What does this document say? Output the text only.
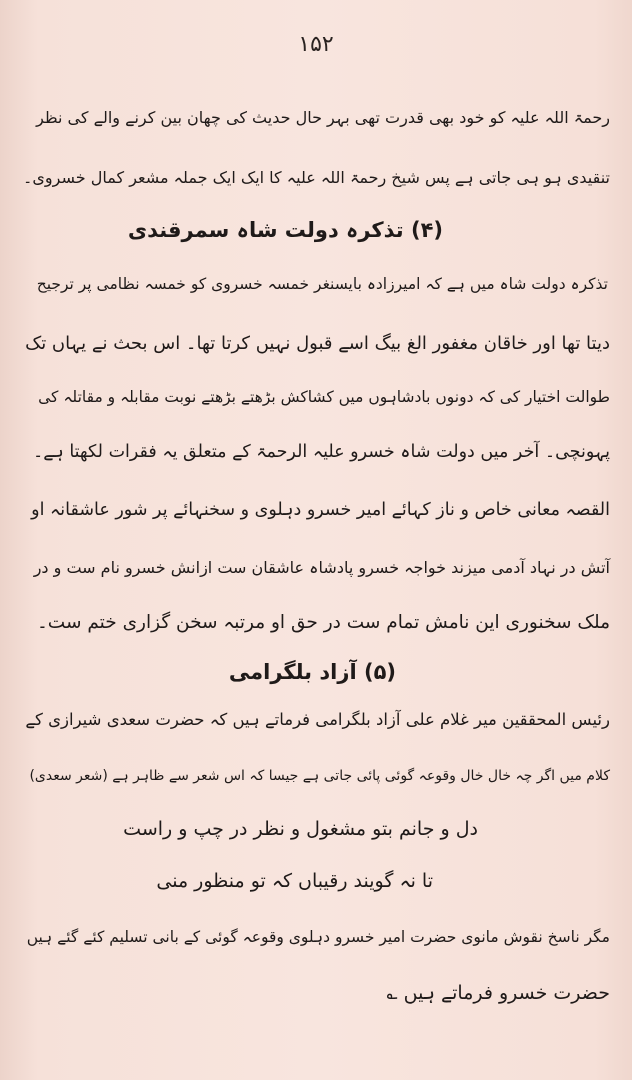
۱۵۲
رحمۃ اللہ علیہ کو خود بھی قدرت تھی بہر حال حدیث کی چھان بین کرنے والے کی نظر
تنقیدی ہو ہی جاتی ہے پس شیخ رحمۃ اللہ علیہ کا ایک ایک جملہ مشعر کمال خسروی۔
(۴) تذکرہ دولت شاہ سمرقندی
تذکرہ دولت شاہ میں ہے کہ امیرزادہ بایسنغر خمسہ خسروی کو خمسہ نظامی پر ترجیح
دیتا تھا اور خاقان مغفور الغ بیگ اسے قبول نہیں کرتا تھا۔ اس بحث نے یہاں تک
طوالت اختیار کی کہ دونوں بادشاہوں میں کشاکش بڑھتے بڑھتے نوبت مقابلہ و مقاتلہ کی
پہونچی۔ آخر میں دولت شاہ خسرو علیہ الرحمۃ کے متعلق یہ فقرات لکھتا ہے۔
القصہ معانی خاص و ناز کہائے امیر خسرو دہلوی و سخنہائے پر شور عاشقانہ او
آتش در نہاد آدمی میزند خواجہ خسرو پادشاہ عاشقان ست ازانش خسرو نام ست و در
ملک سخنوری این نامش تمام ست در حق او مرتبہ سخن گزاری ختم ست۔
(۵) آزاد بلگرامی
رئیس المحققین میر غلام علی آزاد بلگرامی فرماتے ہیں کہ حضرت سعدی شیرازی کے
کلام میں اگر چہ خال خال وقوعہ گوئی پائی جاتی ہے جیسا کہ اس شعر سے ظاہر ہے (شعر سعدی)
دل و جانم بتو مشغول و نظر در چپ و راست
تا نہ گویند رقیباں کہ تو منظور منی
مگر ناسخ نقوش مانوی حضرت امیر خسرو دہلوی وقوعہ گوئی کے بانی تسلیم کئے گئے ہیں
حضرت خسرو فرماتے ہیں ؎
